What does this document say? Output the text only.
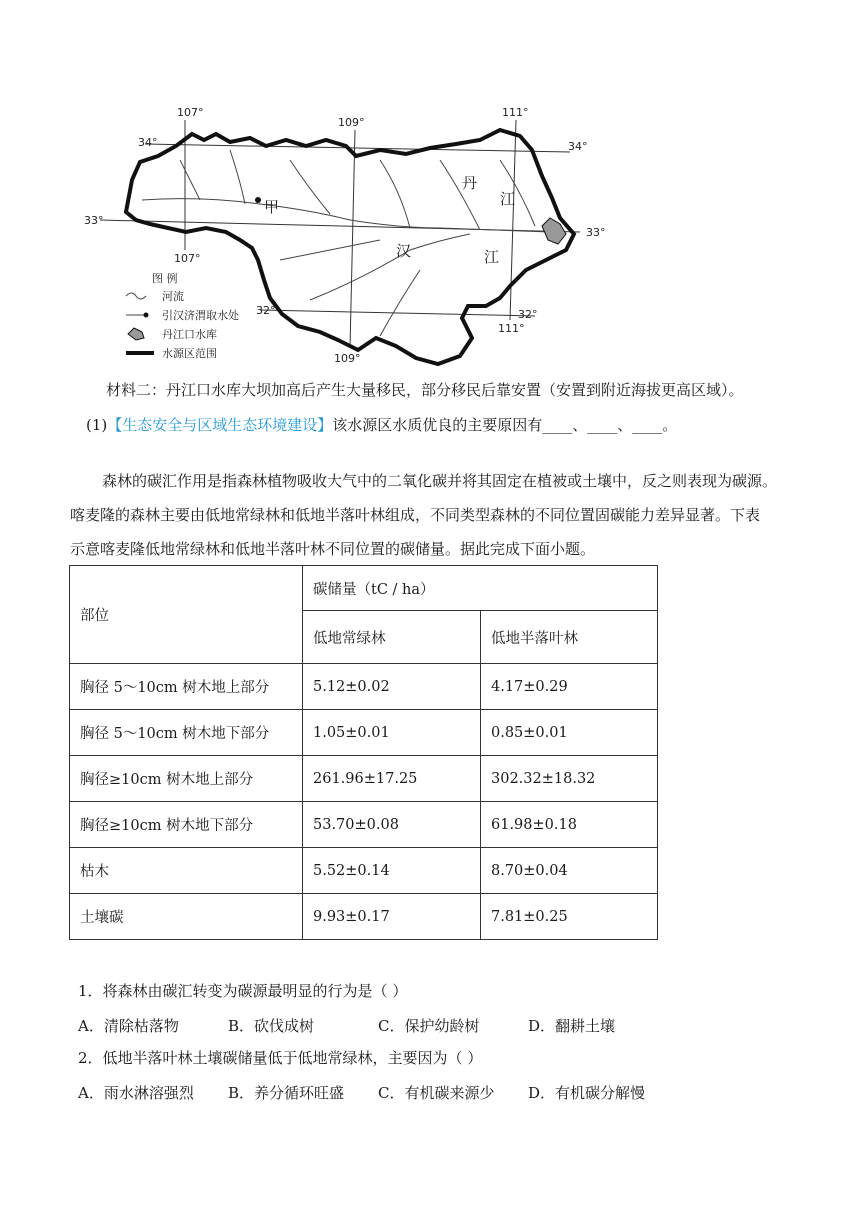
107°
109°
111°
107°
109°
111°
34°	34°
33°
33°
32°	32°
甲
丹
江
汉	江
图 例
河流
引汉济渭取水处
丹江口水库
水源区范围
材料二：丹江口水库大坝加高后产生大量移民，部分移民后靠安置（安置到附近海拔更高区域）。
(1)【生态安全与区域生态环境建设】该水源区水质优良的主要原因有____、____、____。
森林的碳汇作用是指森林植物吸收大气中的二氧化碳并将其固定在植被或土壤中，反之则表现为碳源。
喀麦隆的森林主要由低地常绿林和低地半落叶林组成，不同类型森林的不同位置固碳能力差异显著。下表
示意喀麦隆低地常绿林和低地半落叶林不同位置的碳储量。据此完成下面小题。
部位	碳储量（tC / ha）	
	低地常绿林	低地半落叶林
胸径 5～10cm 树木地上部分	5.12±0.02	4.17±0.29
胸径 5～10cm 树木地下部分	1.05±0.01	0.85±0.01
胸径≥10cm 树木地上部分	261.96±17.25	302.32±18.32
胸径≥10cm 树木地下部分	53.70±0.08	61.98±0.18
枯木	5.52±0.14	8.70±0.04
土壤碳	9.93±0.17	7.81±0.25
1．将森林由碳汇转变为碳源最明显的行为是（ ）
A．清除枯落物	B．砍伐成树	C．保护幼龄树	D．翻耕土壤
2．低地半落叶林土壤碳储量低于低地常绿林，主要因为（ ）
A．雨水淋溶强烈 B．养分循环旺盛 C．有机碳来源少 D．有机碳分解慢
